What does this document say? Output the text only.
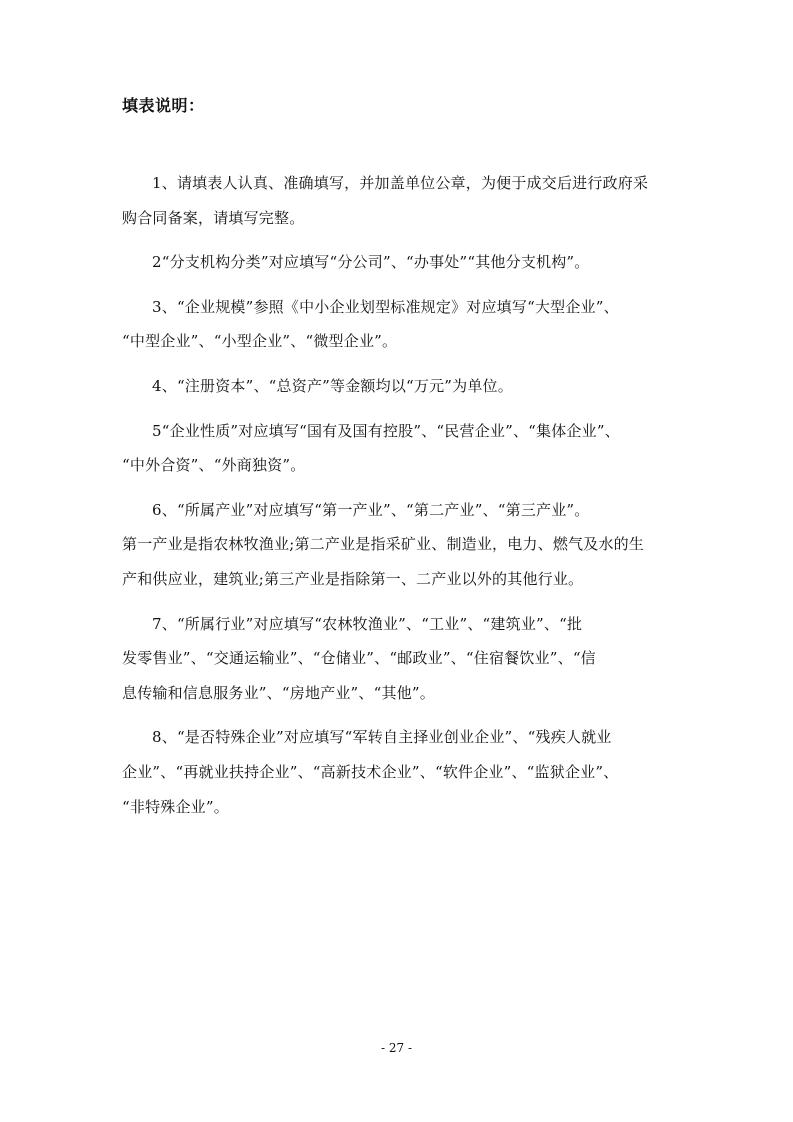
填表说明：
1、请填表人认真、准确填写，并加盖单位公章，为便于成交后进行政府采
购合同备案，请填写完整。
2“分支机构分类”对应填写“分公司”、“办事处”“其他分支机构”。
3、“企业规模”参照《中小企业划型标准规定》对应填写“大型企业”、
“中型企业”、“小型企业”、“微型企业”。
4、“注册资本”、“总资产”等金额均以“万元”为单位。
5“企业性质”对应填写“国有及国有控股”、“民营企业”、“集体企业”、
“中外合资”、“外商独资”。
6、“所属产业”对应填写“第一产业”、“第二产业”、“第三产业”。
第一产业是指农林牧渔业;第二产业是指采矿业、制造业，电力、燃气及水的生
产和供应业，建筑业;第三产业是指除第一、二产业以外的其他行业。
7、“所属行业”对应填写“农林牧渔业”、“工业”、“建筑业”、“批
发零售业”、“交通运输业”、“仓储业”、“邮政业”、“住宿餐饮业”、“信
息传输和信息服务业”、“房地产业”、“其他”。
8、“是否特殊企业”对应填写“军转自主择业创业企业”、“残疾人就业
企业”、“再就业扶持企业”、“高新技术企业”、“软件企业”、“监狱企业”、
“非特殊企业”。
- 27 -
